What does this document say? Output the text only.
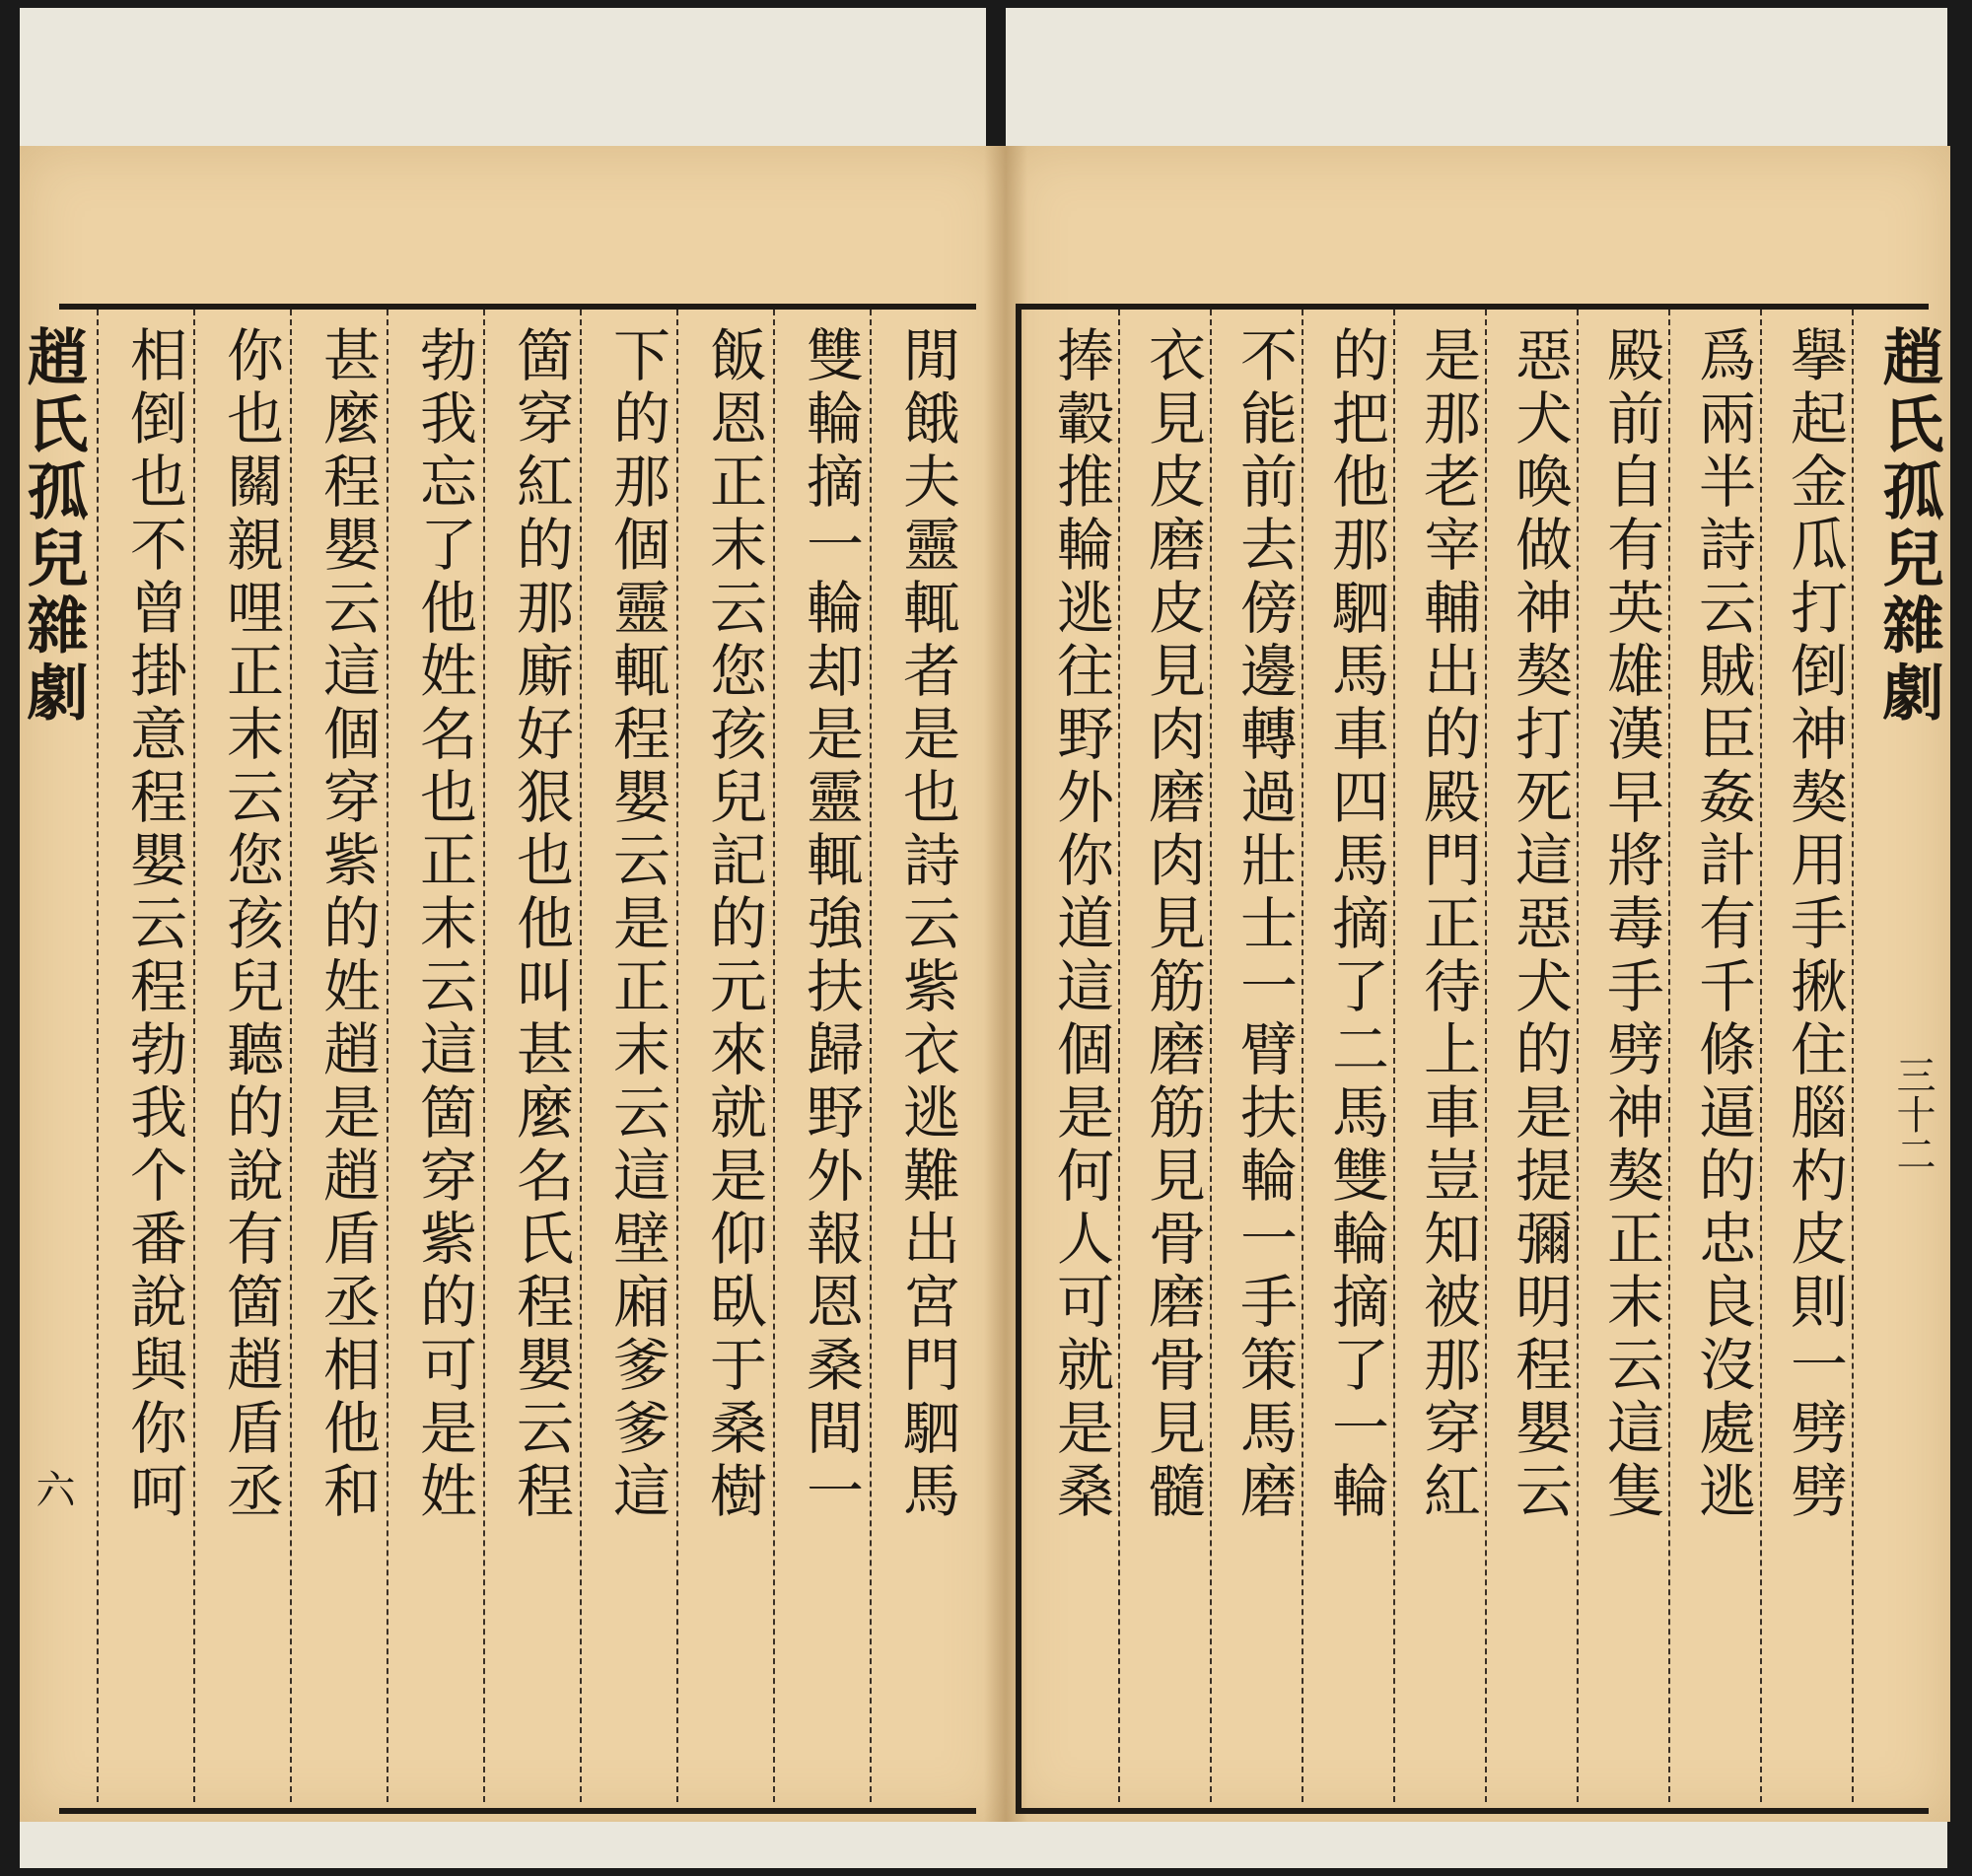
趙氏孤兒雜劇
六	閒餓夫靈輒者是也詩云紫衣逃難出宮門駟馬
雙輪摘一輪却是靈輒強扶歸野外報恩桑間一
飯恩正末云您孩兒記的元來就是仰臥于桑樹
下的那個靈輒程嬰云是正末云這壁廂爹爹這
箇穿紅的那廝好狠也他叫甚麼名氏程嬰云程
勃我忘了他姓名也正末云這箇穿紫的可是姓
甚麼程嬰云這個穿紫的姓趙是趙盾丞相他和
你也關親哩正末云您孩兒聽的說有箇趙盾丞
相倒也不曾掛意程嬰云程勃我个番說與你呵	趙氏孤兒雜劇
三十二
擧起金瓜打倒神獒用手揪住腦杓皮則一劈劈
爲兩半詩云賊臣姦計有千條逼的忠良沒處逃
殿前自有英雄漢早將毒手劈神獒正末云這隻
惡犬喚做神獒打死這惡犬的是提彌明程嬰云
是那老宰輔出的殿門正待上車豈知被那穿紅
的把他那駟馬車四馬摘了二馬雙輪摘了一輪
不能前去傍邊轉過壯士一臂扶輪一手策馬磨
衣見皮磨皮見肉磨肉見筋磨筋見骨磨骨見髓
捧轂推輪逃往野外你道這個是何人可就是桑
